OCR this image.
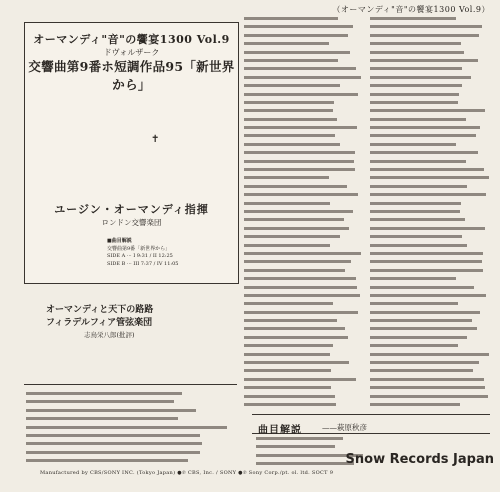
（オーマンディ"音"の饗宴1300 Vol.9）
オーマンディ"音"の饗宴1300 Vol.9
ドヴォルザーク
交響曲第9番ホ短調作品95「新世界から」
✝
ユージン・オーマンディ指揮
ロンドン交響楽団
■曲目解説
交響曲第9番「新世界から」
SIDE A ··· I 9:31 / II 12:25
SIDE B ··· III 7:37 / IV 11:05
オーマンディと天下の路路
フィラデルフィア管弦楽団
志鳥栄八郎(批評)
曲目解説	——萩原秋彦
Manufactured by CBS/SONY INC. (Tokyo Japan) ●℗ CBS, Inc. / SONY ●℗ Sony Corp./pt. ol. ltd. SOCT 9
Snow Records Japan
